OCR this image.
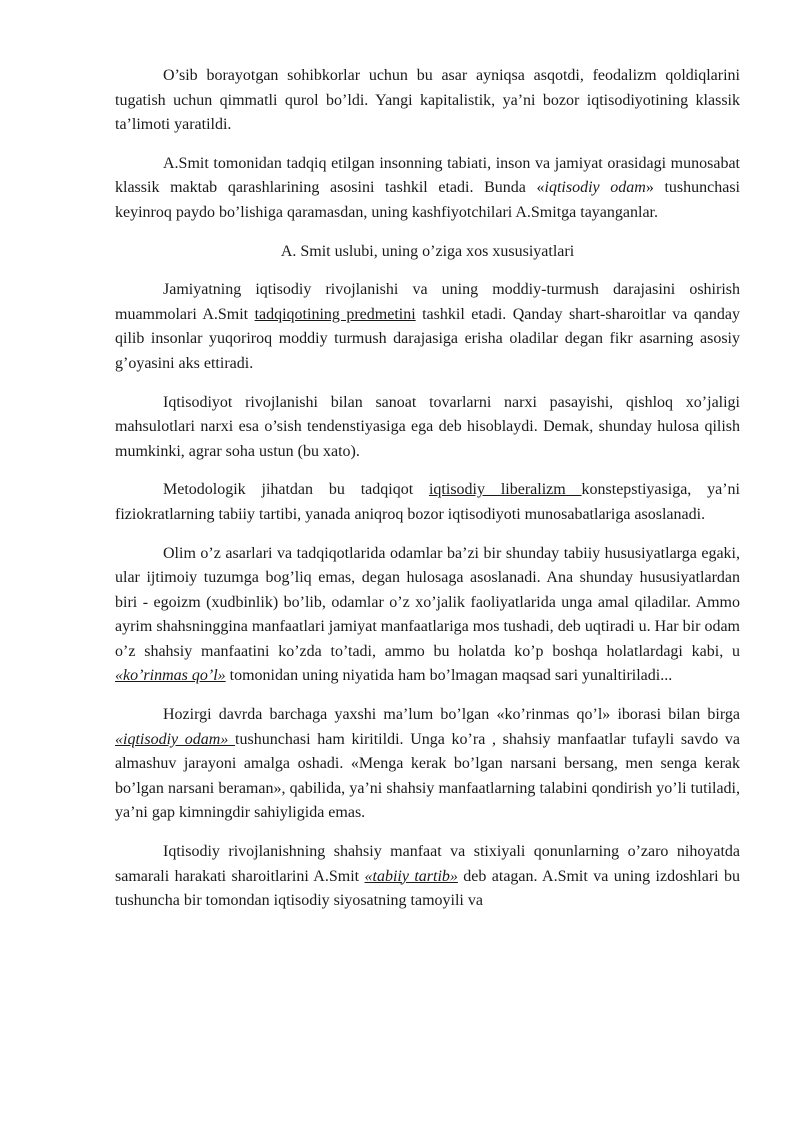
O’sib borayotgan sohibkorlar uchun bu asar ayniqsa asqotdi, feodalizm qoldiqlarini tugatish uchun qimmatli qurol bo’ldi. Yangi kapitalistik, ya’ni bozor iqtisodiyotining klassik ta’limoti yaratildi.

A.Smit tomonidan tadqiq etilgan insonning tabiati, inson va jamiyat orasidagi munosabat klassik maktab qarashlarining asosini tashkil etadi. Bunda «iqtisodiy odam» tushunchasi keyinroq paydo bo’lishiga qaramasdan, uning kashfiyotchilari A.Smitga tayanganlar.

A. Smit uslubi, uning o’ziga xos xususiyatlari

Jamiyatning iqtisodiy rivojlanishi va uning moddiy-turmush darajasini oshirish muammolari A.Smit tadqiqotining predmetini tashkil etadi. Qanday shart-sharoitlar va qanday qilib insonlar yuqoriroq moddiy turmush darajasiga erisha oladilar degan fikr asarning asosiy g’oyasini aks ettiradi.

Iqtisodiyot rivojlanishi bilan sanoat tovarlarni narxi pasayishi, qishloq xo’jaligi mahsulotlari narxi esa o’sish tendenstiyasiga ega deb hisoblaydi. Demak, shunday hulosa qilish mumkinki, agrar soha ustun (bu xato).

Metodologik jihatdan bu tadqiqot iqtisodiy liberalizm konstepstiyasiga, ya’ni fiziokratlarning tabiiy tartibi, yanada aniqroq bozor iqtisodiyoti munosabatlariga asoslanadi.

Olim o’z asarlari va tadqiqotlarida odamlar ba’zi bir shunday tabiiy hususiyatlarga egaki, ular ijtimoiy tuzumga bog’liq emas, degan hulosaga asoslanadi. Ana shunday hususiyatlardan biri - egoizm (xudbinlik) bo’lib, odamlar o’z xo’jalik faoliyatlarida unga amal qiladilar. Ammo ayrim shahsninggina manfaatlari jamiyat manfaatlariga mos tushadi, deb uqtiradi u. Har bir odam o’z shahsiy manfaatini ko’zda to’tadi, ammo bu holatda ko’p boshqa holatlardagi kabi, u «ko’rinmas qo’l» tomonidan uning niyatida ham bo’lmagan maqsad sari yunaltiriladi...

Hozirgi davrda barchaga yaxshi ma’lum bo’lgan «ko’rinmas qo’l» iborasi bilan birga «iqtisodiy odam» tushunchasi ham kiritildi. Unga ko’ra , shahsiy manfaatlar tufayli savdo va almashuv jarayoni amalga oshadi. «Menga kerak bo’lgan narsani bersang, men senga kerak bo’lgan narsani beraman», qabilida, ya’ni shahsiy manfaatlarning talabini qondirish yo’li tutiladi, ya’ni gap kimningdir sahiyligida emas.

Iqtisodiy rivojlanishning shahsiy manfaat va stixiyali qonunlarning o’zaro nihoyatda samarali harakati sharoitlarini A.Smit «tabiiy tartib» deb atagan. A.Smit va uning izdoshlari bu tushuncha bir tomondan iqtisodiy siyosatning tamoyili va
